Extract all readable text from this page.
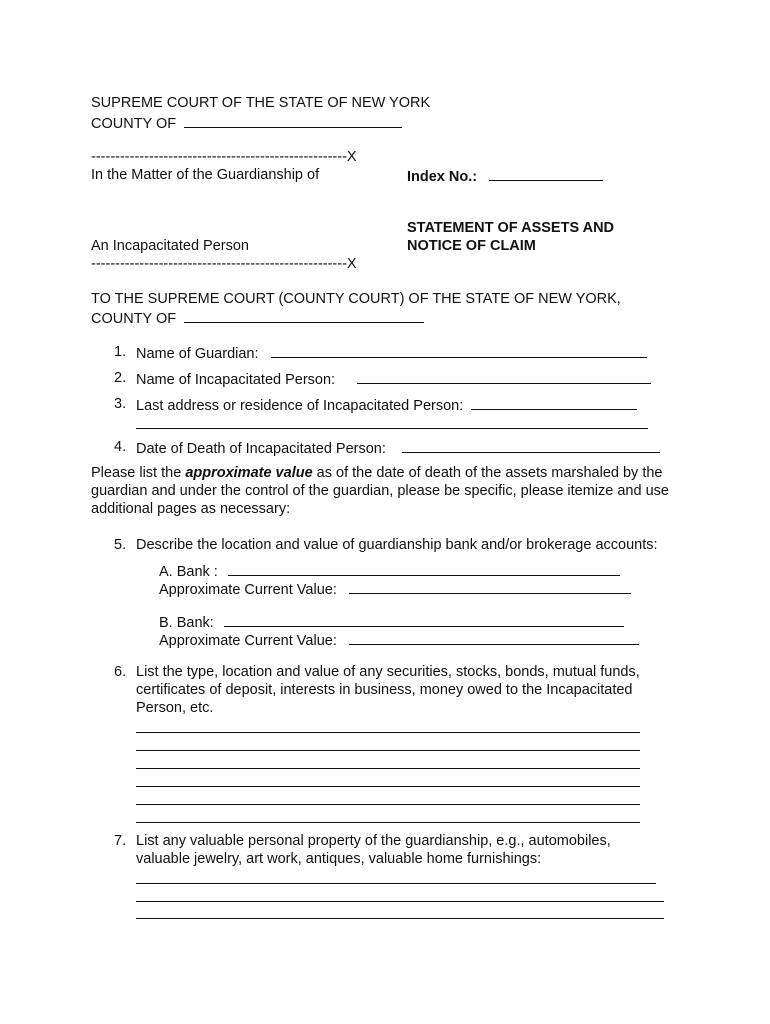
SUPREME COURT OF THE STATE OF NEW YORK
COUNTY OF
-----------------------------------------------------X
In the Matter of the Guardianship of	Index No.:
STATEMENT OF ASSETS AND
NOTICE OF CLAIM
An Incapacitated Person
-----------------------------------------------------X
TO THE SUPREME COURT (COUNTY COURT) OF THE STATE OF NEW YORK,
COUNTY OF
1. Name of Guardian:
2. Name of Incapacitated Person:
3. Last address or residence of Incapacitated Person:
4. Date of Death of Incapacitated Person:
Please list the approximate value as of the date of death of the assets marshaled by the guardian and under the control of the guardian, please be specific, please itemize and use additional pages as necessary:
5. Describe the location and value of guardianship bank and/or brokerage accounts:
A. Bank :
Approximate Current Value:
B. Bank:
Approximate Current Value:
6. List the type, location and value of any securities, stocks, bonds, mutual funds,
certificates of deposit, interests in business, money owed to the Incapacitated
Person, etc.
7. List any valuable personal property of the guardianship, e.g., automobiles,
valuable jewelry, art work, antiques, valuable home furnishings:
